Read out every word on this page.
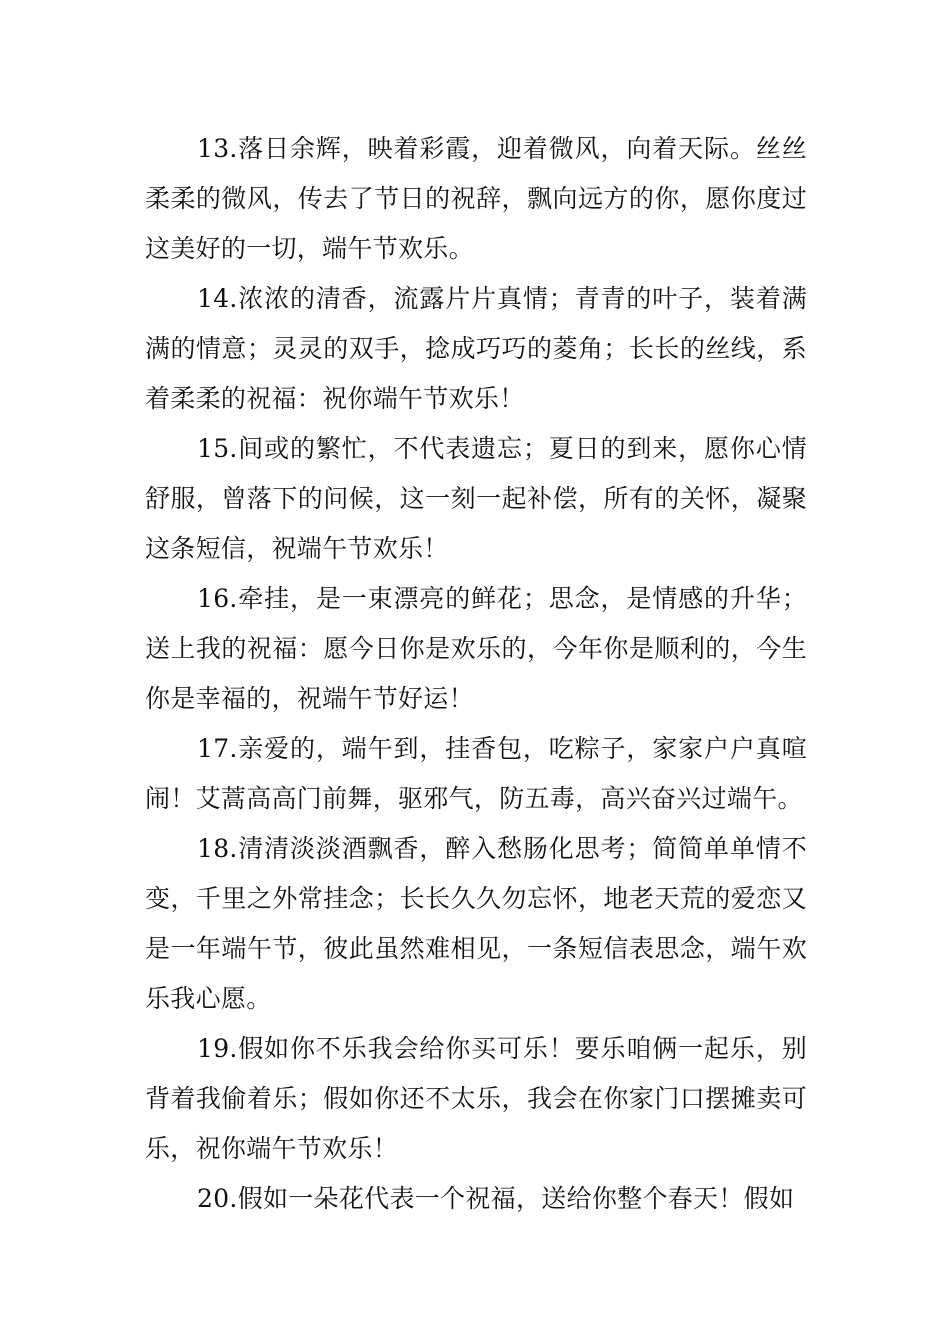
13.落日余辉，映着彩霞，迎着微风，向着天际。丝丝柔柔的微风，传去了节日的祝辞，飘向远方的你，愿你度过这美好的一切，端午节欢乐。

14.浓浓的清香，流露片片真情；青青的叶子，装着满满的情意；灵灵的双手，捻成巧巧的菱角；长长的丝线，系着柔柔的祝福：祝你端午节欢乐！

15.间或的繁忙，不代表遗忘；夏日的到来，愿你心情舒服，曾落下的问候，这一刻一起补偿，所有的关怀，凝聚这条短信，祝端午节欢乐！

16.牵挂，是一束漂亮的鲜花；思念，是情感的升华；送上我的祝福：愿今日你是欢乐的，今年你是顺利的，今生你是幸福的，祝端午节好运！

17.亲爱的，端午到，挂香包，吃粽子，家家户户真喧闹！艾蒿高高门前舞，驱邪气，防五毒，高兴奋兴过端午。

18.清清淡淡酒飘香，醉入愁肠化思考；简简单单情不变，千里之外常挂念；长长久久勿忘怀，地老天荒的爱恋又是一年端午节，彼此虽然难相见，一条短信表思念，端午欢乐我心愿。

19.假如你不乐我会给你买可乐！要乐咱俩一起乐，别背着我偷着乐；假如你还不太乐，我会在你家门口摆摊卖可乐，祝你端午节欢乐！

20.假如一朵花代表一个祝福，送给你整个春天！假如
